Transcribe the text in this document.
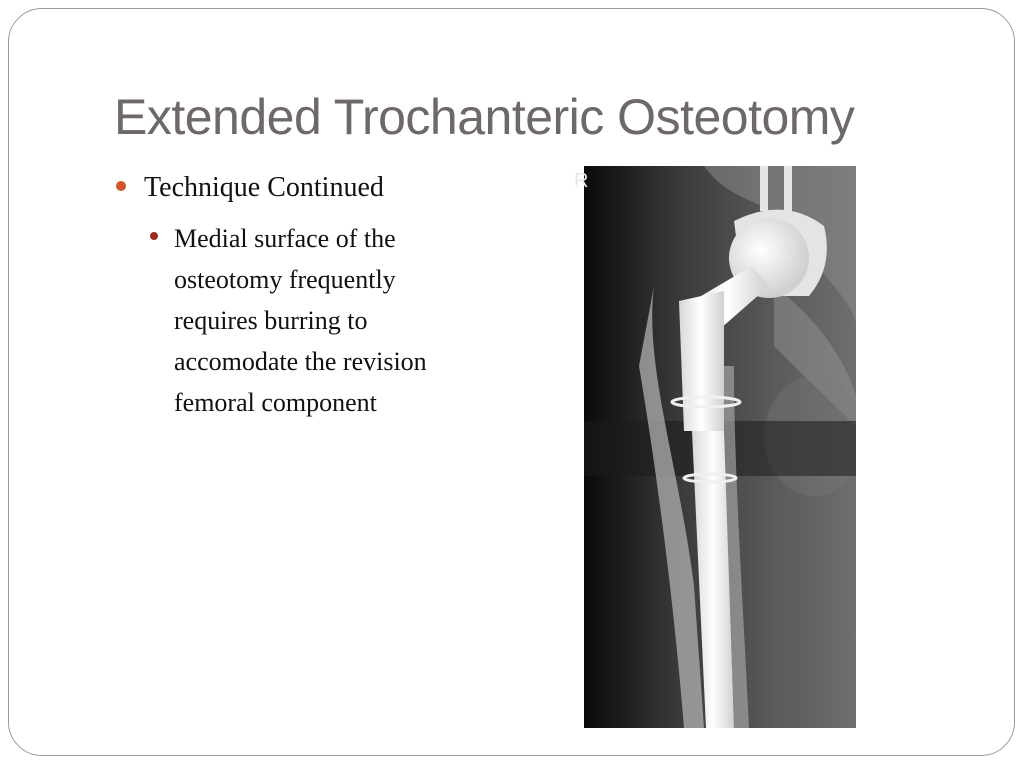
Extended Trochanteric Osteotomy
Technique Continued
Medial surface of the
osteotomy frequently
requires burring to
accomodate the revision
femoral component
R
